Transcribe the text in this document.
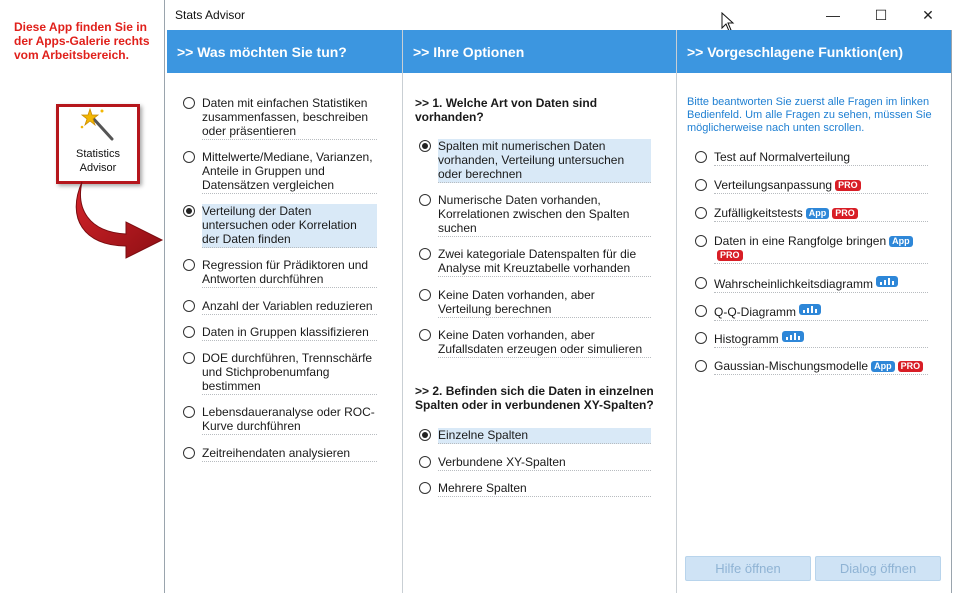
Diese App finden Sie in der Apps-Galerie rechts vom Arbeitsbereich.
Statistics
Advisor
Stats Advisor	—	☐	✕
>> Was möchten Sie tun?
Daten mit einfachen Statistiken zusammenfassen, beschreiben oder präsentieren
Mittelwerte/Mediane, Varianzen, Anteile in Gruppen und Datensätzen vergleichen
Verteilung der Daten untersuchen oder Korrelation der Daten finden
Regression für Prädiktoren und Antworten durchführen
Anzahl der Variablen reduzieren
Daten in Gruppen klassifizieren
DOE durchführen, Trennschärfe und Stichprobenumfang bestimmen
Lebensdaueranalyse oder ROC-Kurve durchführen
Zeitreihendaten analysieren
>> Ihre Optionen
>> 1. Welche Art von Daten sind vorhanden?
Spalten mit numerischen Daten vorhanden, Verteilung untersuchen oder berechnen
Numerische Daten vorhanden, Korrelationen zwischen den Spalten suchen
Zwei kategoriale Datenspalten für die Analyse mit Kreuztabelle vorhanden
Keine Daten vorhanden, aber Verteilung berechnen
Keine Daten vorhanden, aber Zufallsdaten erzeugen oder simulieren
>> 2. Befinden sich die Daten in einzelnen Spalten oder in verbundenen XY-Spalten?
Einzelne Spalten
Verbundene XY-Spalten
Mehrere Spalten
>> Vorgeschlagene Funktion(en)
Bitte beantworten Sie zuerst alle Fragen im linken Bedienfeld. Um alle Fragen zu sehen, müssen Sie möglicherweise nach unten scrollen.
Test auf Normalverteilung
Verteilungsanpassung PRO
Zufälligkeitstests App PRO
Daten in eine Rangfolge bringen AppPRO
Wahrscheinlichkeitsdiagramm
Q-Q-Diagramm
Histogramm
Gaussian-Mischungsmodelle App PRO
Hilfe öffnen	Dialog öffnen
